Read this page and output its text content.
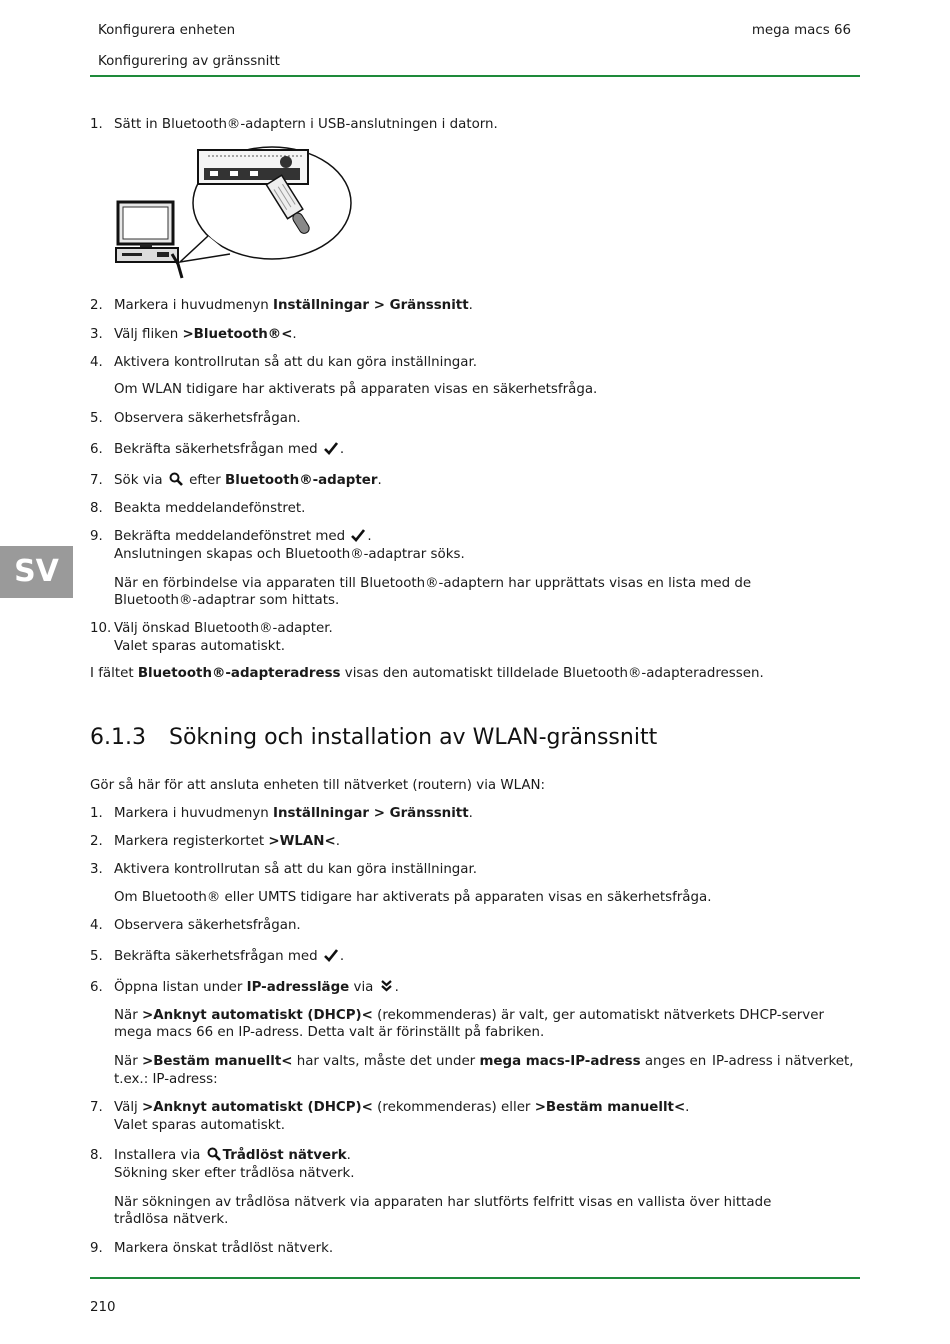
Konfigurera enheten
Konfigurering av gränssnitt
mega macs 66
SV
1. Sätt in Bluetooth®-adaptern i USB-anslutningen i datorn.
2. Markera i huvudmenyn Inställningar > Gränssnitt.
3. Välj fliken >Bluetooth®<.
4. Aktivera kontrollrutan så att du kan göra inställningar.
Om WLAN tidigare har aktiverats på apparaten visas en säkerhetsfråga.
5. Observera säkerhetsfrågan.
6. Bekräfta säkerhetsfrågan med .
7. Sök via  efter Bluetooth®-adapter.
8. Beakta meddelandefönstret.
9. Bekräfta meddelandefönstret med .
Anslutningen skapas och Bluetooth®-adaptrar söks.
När en förbindelse via apparaten till Bluetooth®-adaptern har upprättats visas en lista med de Bluetooth®-adaptrar som hittats.
10. Välj önskad Bluetooth®-adapter.
Valet sparas automatiskt.
I fältet Bluetooth®-adapteradress visas den automatiskt tilldelade Bluetooth®-adapteradressen.
6.1.3 Sökning och installation av WLAN-gränssnitt
Gör så här för att ansluta enheten till nätverket (routern) via WLAN:
1. Markera i huvudmenyn Inställningar > Gränssnitt.
2. Markera registerkortet >WLAN<.
3. Aktivera kontrollrutan så att du kan göra inställningar.
Om Bluetooth® eller UMTS tidigare har aktiverats på apparaten visas en säkerhetsfråga.
4. Observera säkerhetsfrågan.
5. Bekräfta säkerhetsfrågan med .
6. Öppna listan under IP-adressläge via .
När >Anknyt automatiskt (DHCP)< (rekommenderas) är valt, ger automatiskt nätverkets DHCP-server mega macs 66 en IP-adress. Detta valt är förinställt på fabriken.
När >Bestäm manuellt< har valts, måste det under mega macs-IP-adress anges en IP-adress i nätverket,
t.ex.: IP-adress:
7. Välj >Anknyt automatiskt (DHCP)< (rekommenderas) eller >Bestäm manuellt<.
Valet sparas automatiskt.
8. Installera via Trådlöst nätverk.
Sökning sker efter trådlösa nätverk.
När sökningen av trådlösa nätverk via apparaten har slutförts felfritt visas en vallista över hittade trådlösa nätverk.
9. Markera önskat trådlöst nätverk.
210
